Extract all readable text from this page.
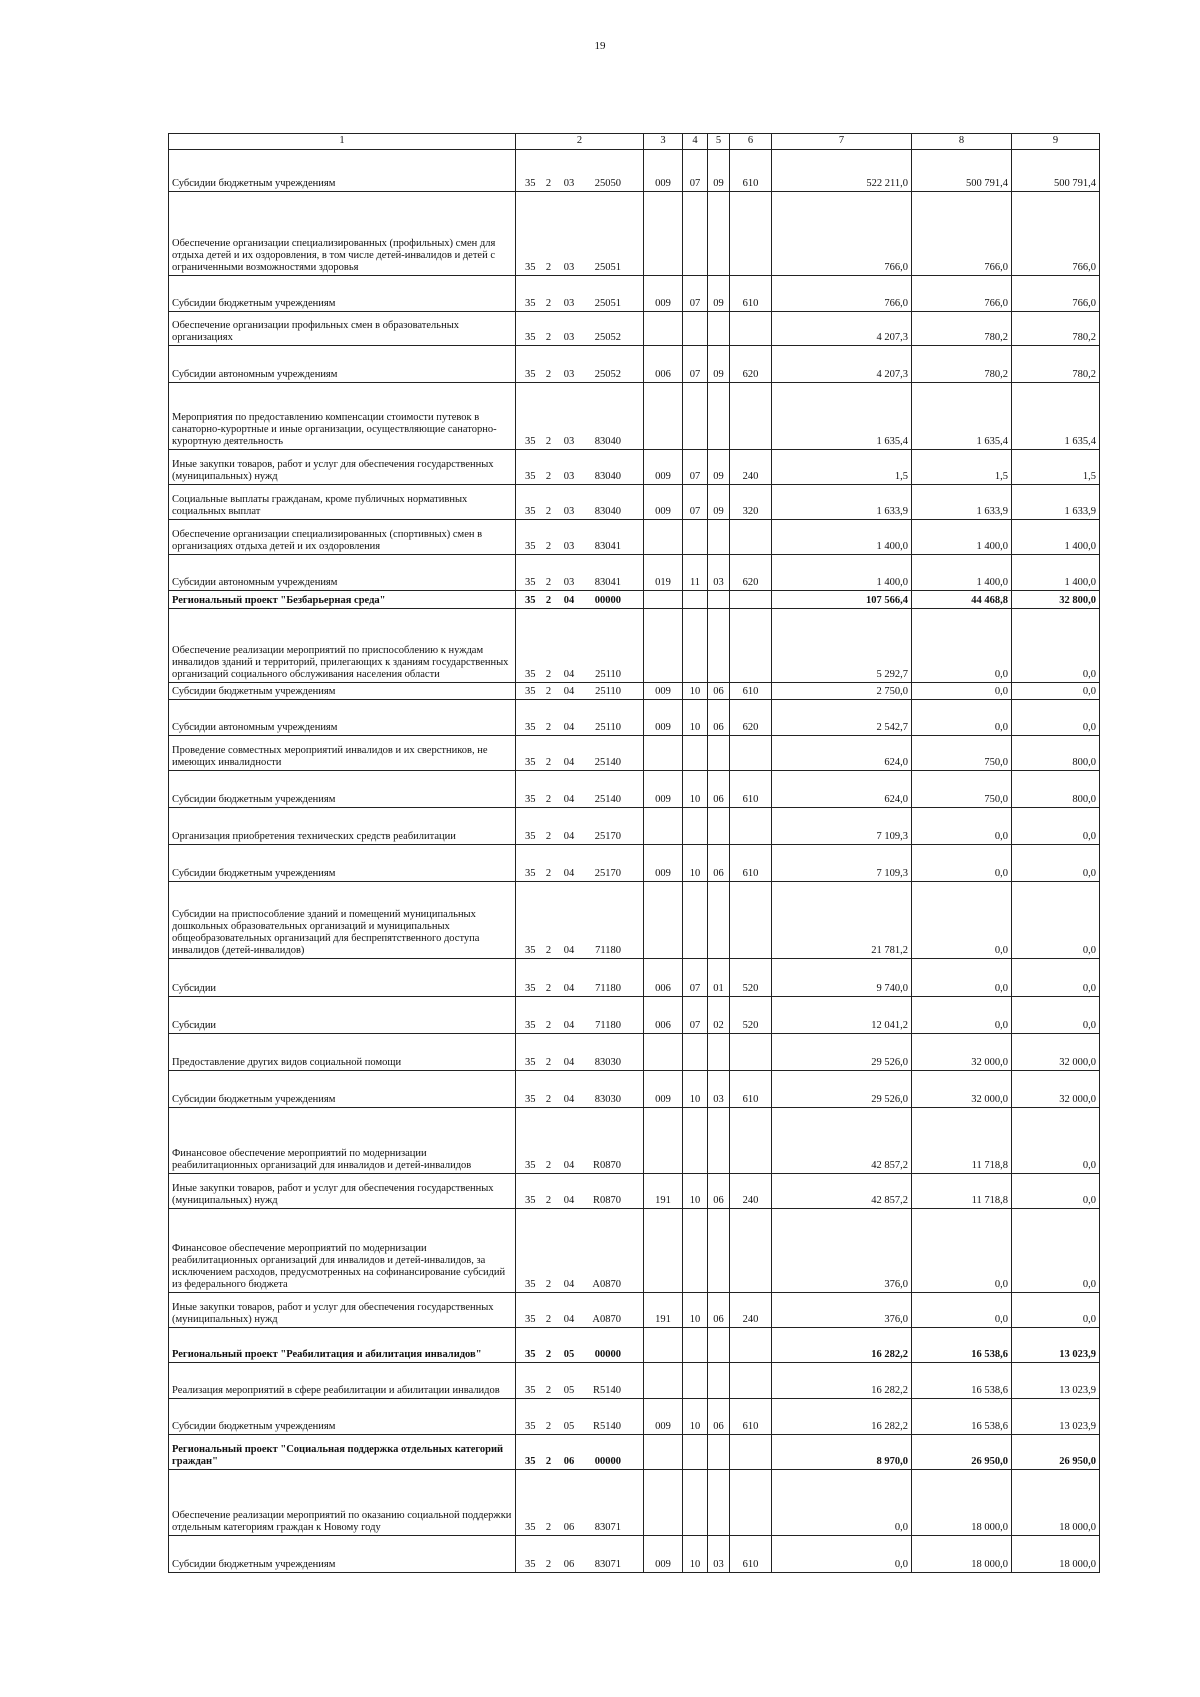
19
1	2	3	4	5	6	7	8	9
Субсидии бюджетным учреждениям	35 2 03 25050	009	07	09	610	522 211,0	500 791,4	500 791,4
Обеспечение организации специализированных (профильных) смен для отдыха детей и их оздоровления, в том числе детей-инвалидов и детей с ограниченными возможностями здоровья	35 2 03 25051					766,0	766,0	766,0
Субсидии бюджетным учреждениям	35 2 03 25051	009	07	09	610	766,0	766,0	766,0
Обеспечение организации профильных смен в образовательных организациях	35 2 03 25052					4 207,3	780,2	780,2
Субсидии автономным учреждениям	35 2 03 25052	006	07	09	620	4 207,3	780,2	780,2
Мероприятия по предоставлению компенсации стоимости путевок в санаторно-курортные и иные организации, осуществляющие санаторно-курортную деятельность	35 2 03 83040					1 635,4	1 635,4	1 635,4
Иные закупки товаров, работ и услуг для обеспечения государственных (муниципальных) нужд	35 2 03 83040	009	07	09	240	1,5	1,5	1,5
Социальные выплаты гражданам, кроме публичных нормативных социальных выплат	35 2 03 83040	009	07	09	320	1 633,9	1 633,9	1 633,9
Обеспечение организации специализированных (спортивных) смен в организациях отдыха детей и их оздоровления	35 2 03 83041					1 400,0	1 400,0	1 400,0
Субсидии автономным учреждениям	35 2 03 83041	019	11	03	620	1 400,0	1 400,0	1 400,0
Региональный проект "Безбарьерная среда"	35 2 04 00000					107 566,4	44 468,8	32 800,0
Обеспечение реализации мероприятий по приспособлению к нуждам инвалидов зданий и территорий, прилегающих к зданиям государственных организаций социального обслуживания населения области	35 2 04 25110					5 292,7	0,0	0,0
Субсидии бюджетным учреждениям	35 2 04 25110	009	10	06	610	2 750,0	0,0	0,0
Субсидии автономным учреждениям	35 2 04 25110	009	10	06	620	2 542,7	0,0	0,0
Проведение совместных мероприятий инвалидов и их сверстников, не имеющих инвалидности	35 2 04 25140					624,0	750,0	800,0
Субсидии бюджетным учреждениям	35 2 04 25140	009	10	06	610	624,0	750,0	800,0
Организация приобретения технических средств реабилитации	35 2 04 25170					7 109,3	0,0	0,0
Субсидии бюджетным учреждениям	35 2 04 25170	009	10	06	610	7 109,3	0,0	0,0
Субсидии на приспособление зданий и помещений муниципальных дошкольных образовательных организаций и муниципальных общеобразовательных организаций для беспрепятственного доступа инвалидов (детей-инвалидов)	35 2 04 71180					21 781,2	0,0	0,0
Субсидии	35 2 04 71180	006	07	01	520	9 740,0	0,0	0,0
Субсидии	35 2 04 71180	006	07	02	520	12 041,2	0,0	0,0
Предоставление других видов социальной помощи	35 2 04 83030					29 526,0	32 000,0	32 000,0
Субсидии бюджетным учреждениям	35 2 04 83030	009	10	03	610	29 526,0	32 000,0	32 000,0
Финансовое обеспечение мероприятий по модернизации реабилитационных организаций для инвалидов и детей-инвалидов	35 2 04 R0870					42 857,2	11 718,8	0,0
Иные закупки товаров, работ и услуг для обеспечения государственных (муниципальных) нужд	35 2 04 R0870	191	10	06	240	42 857,2	11 718,8	0,0
Финансовое обеспечение мероприятий по модернизации реабилитационных организаций для инвалидов и детей-инвалидов, за исключением расходов, предусмотренных на софинансирование субсидий из федерального бюджета	35 2 04 A0870					376,0	0,0	0,0
Иные закупки товаров, работ и услуг для обеспечения государственных (муниципальных) нужд	35 2 04 A0870	191	10	06	240	376,0	0,0	0,0
Региональный проект "Реабилитация и абилитация инвалидов"	35 2 05 00000					16 282,2	16 538,6	13 023,9
Реализация мероприятий в сфере реабилитации и абилитации инвалидов	35 2 05 R5140					16 282,2	16 538,6	13 023,9
Субсидии бюджетным учреждениям	35 2 05 R5140	009	10	06	610	16 282,2	16 538,6	13 023,9
Региональный проект "Социальная поддержка отдельных категорий граждан"	35 2 06 00000					8 970,0	26 950,0	26 950,0
Обеспечение реализации мероприятий по оказанию социальной поддержки отдельным категориям граждан к Новому году	35 2 06 83071					0,0	18 000,0	18 000,0
Субсидии бюджетным учреждениям	35 2 06 83071	009	10	03	610	0,0	18 000,0	18 000,0
